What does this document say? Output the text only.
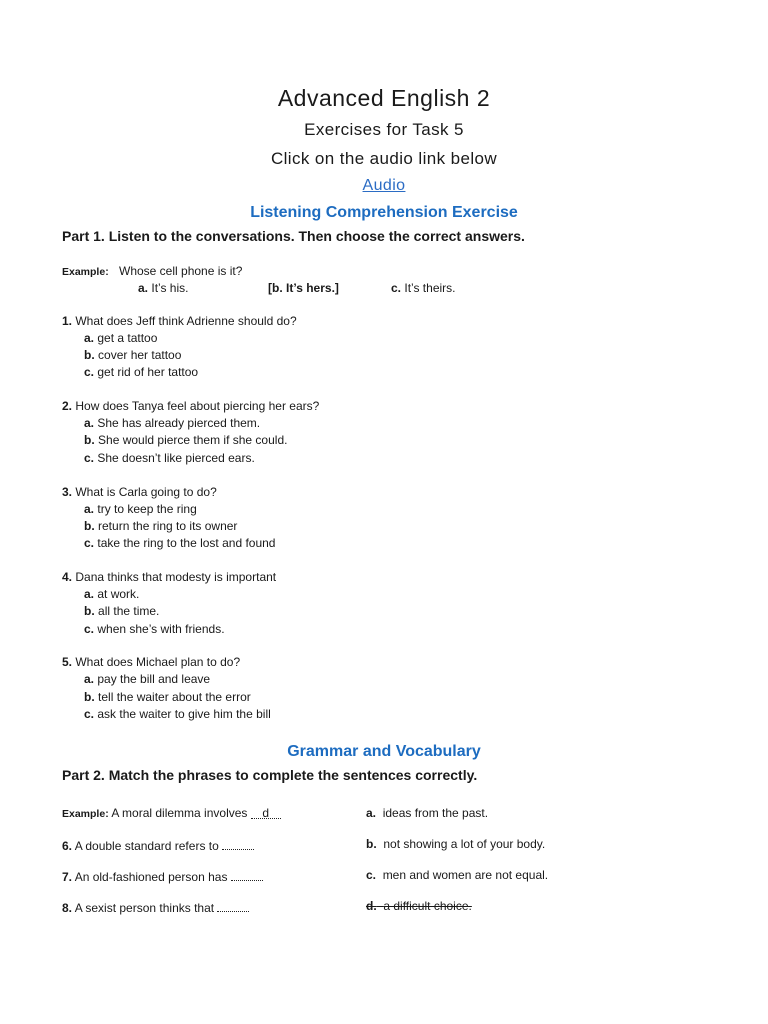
Advanced English 2
Exercises for Task 5
Click on the audio link below
Audio
Listening Comprehension Exercise
Part 1. Listen to the conversations. Then choose the correct answers.
Example: Whose cell phone is it?
a. It’s his.	[b. It’s hers.]	c. It’s theirs.
1. What does Jeff think Adrienne should do?
a. get a tattoo
b. cover her tattoo
c. get rid of her tattoo
2. How does Tanya feel about piercing her ears?
a. She has already pierced them.
b. She would pierce them if she could.
c. She doesn’t like pierced ears.
3. What is Carla going to do?
a. try to keep the ring
b. return the ring to its owner
c. take the ring to the lost and found
4. Dana thinks that modesty is important
a. at work.
b. all the time.
c. when she’s with friends.
5. What does Michael plan to do?
a. pay the bill and leave
b. tell the waiter about the error
c. ask the waiter to give him the bill
Grammar and Vocabulary
Part 2. Match the phrases to complete the sentences correctly.
Example: A moral dilemma involves d	a. ideas from the past.
6. A double standard refers to	b. not showing a lot of your body.
7. An old-fashioned person has	c. men and women are not equal.
8. A sexist person thinks that	d. a difficult choice.
